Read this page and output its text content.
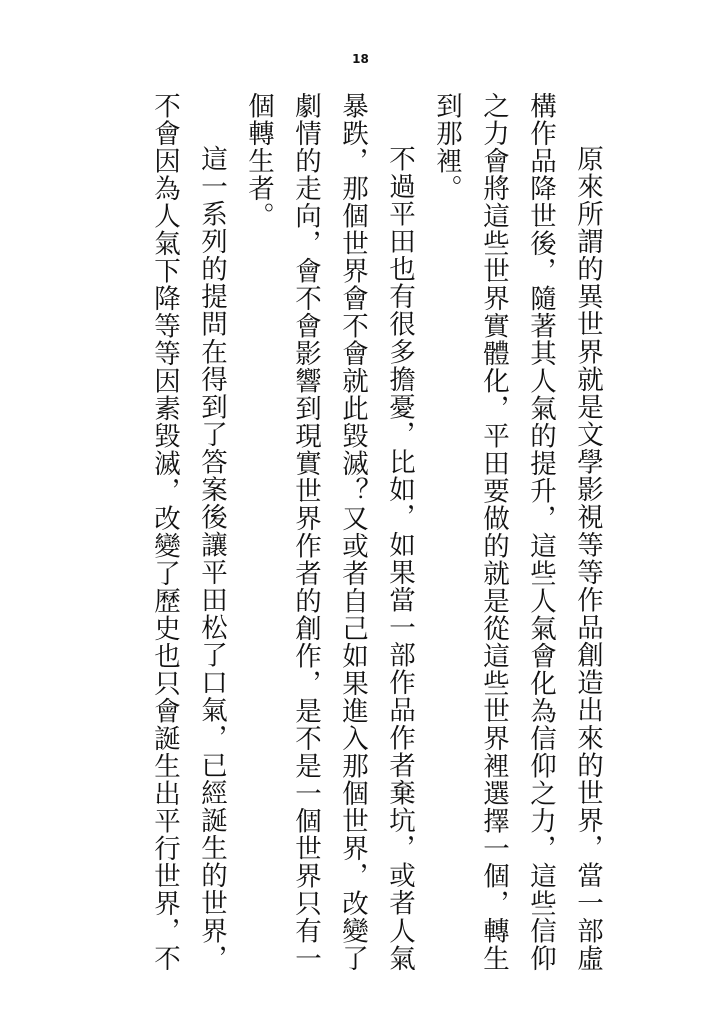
18

原來所謂的異世界就是文學影視等等作品創造出來的世界，當一部虛構作品降世後，隨著其人氣的提升，這些人氣會化為信仰之力，這些信仰之力會將這些世界實體化，平田要做的就是從這些世界裡選擇一個，轉生到那裡。

不過平田也有很多擔憂，比如，如果當一部作品作者棄坑，或者人氣暴跌，那個世界會不會就此毀滅？又或者自己如果進入那個世界，改變了劇情的走向，會不會影響到現實世界作者的創作，是不是一個世界只有一個轉生者。

這一系列的提問在得到了答案後讓平田松了口氣，已經誕生的世界，不會因為人氣下降等等因素毀滅，改變了歷史也只會誕生出平行世界，不
